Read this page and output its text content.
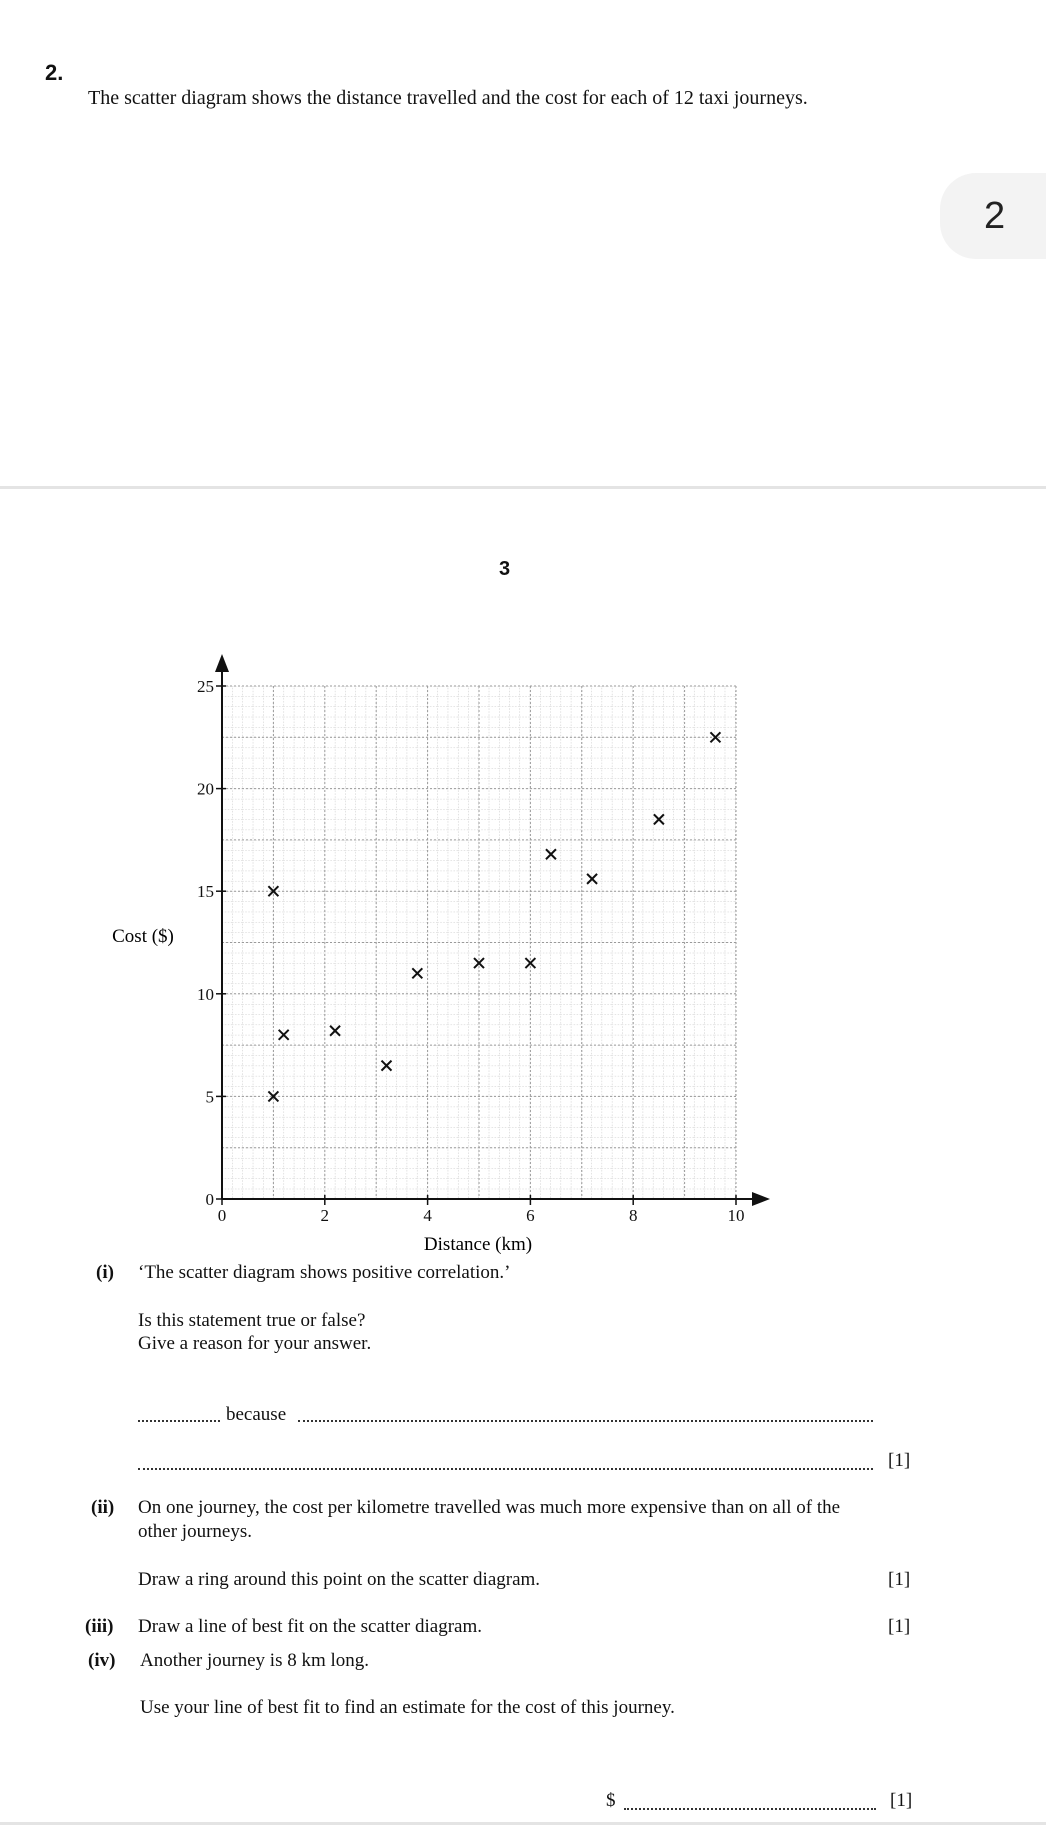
2.
The scatter diagram shows the distance travelled and the cost for each of 12 taxi journeys.
2
3
0	2	4	6	8	10
0
5
10
15
20
25
Distance (km)
Cost ($)
(i) ‘The scatter diagram shows positive correlation.’
Is this statement true or false?
Give a reason for your answer.
because
[1]
(ii) On one journey, the cost per kilometre travelled was much more expensive than on all of the
other journeys.
Draw a ring around this point on the scatter diagram.	[1]
(iii) Draw a line of best fit on the scatter diagram.	[1]
(iv) Another journey is 8 km long.
Use your line of best fit to find an estimate for the cost of this journey.
$	[1]
